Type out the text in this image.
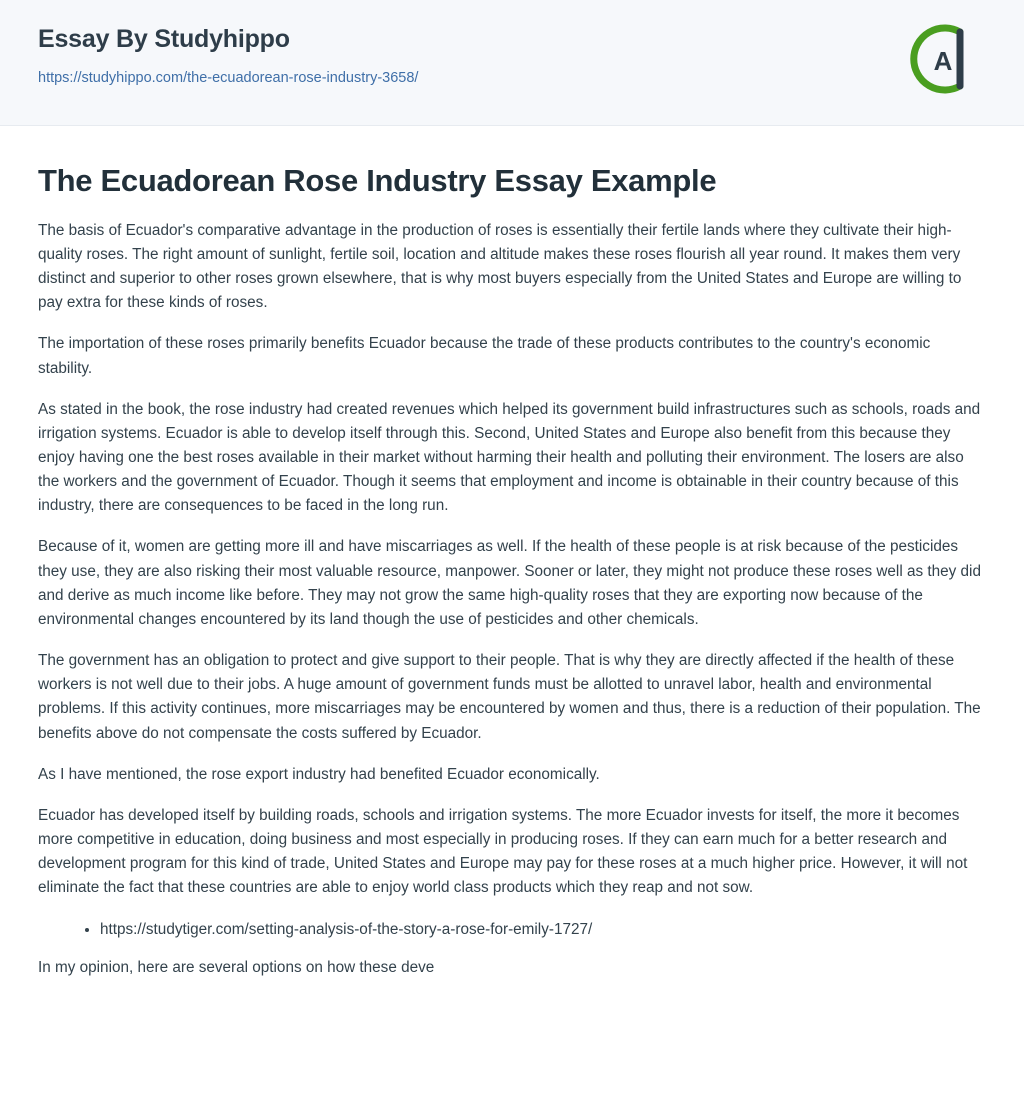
Essay By Studyhippo
https://studyhippo.com/the-ecuadorean-rose-industry-3658/
A
The Ecuadorean Rose Industry Essay Example

The basis of Ecuador's comparative advantage in the production of roses is essentially their fertile lands where they cultivate their high-quality roses. The right amount of sunlight, fertile soil, location and altitude makes these roses flourish all year round. It makes them very distinct and superior to other roses grown elsewhere, that is why most buyers especially from the United States and Europe are willing to pay extra for these kinds of roses.

The importation of these roses primarily benefits Ecuador because the trade of these products contributes to the country's economic stability.

As stated in the book, the rose industry had created revenues which helped its government build infrastructures such as schools, roads and irrigation systems. Ecuador is able to develop itself through this. Second, United States and Europe also benefit from this because they enjoy having one the best roses available in their market without harming their health and polluting their environment. The losers are also the workers and the government of Ecuador. Though it seems that employment and income is obtainable in their country because of this industry, there are consequences to be faced in the long run.

Because of it, women are getting more ill and have miscarriages as well. If the health of these people is at risk because of the pesticides they use, they are also risking their most valuable resource, manpower. Sooner or later, they might not produce these roses well as they did and derive as much income like before. They may not grow the same high-quality roses that they are exporting now because of the environmental changes encountered by its land though the use of pesticides and other chemicals.

The government has an obligation to protect and give support to their people. That is why they are directly affected if the health of these workers is not well due to their jobs. A huge amount of government funds must be allotted to unravel labor, health and environmental problems. If this activity continues, more miscarriages may be encountered by women and thus, there is a reduction of their population. The benefits above do not compensate the costs suffered by Ecuador.

As I have mentioned, the rose export industry had benefited Ecuador economically.

Ecuador has developed itself by building roads, schools and irrigation systems. The more Ecuador invests for itself, the more it becomes more competitive in education, doing business and most especially in producing roses. If they can earn much for a better research and development program for this kind of trade, United States and Europe may pay for these roses at a much higher price. However, it will not eliminate the fact that these countries are able to enjoy world class products which they reap and not sow.

• https://studytiger.com/setting-analysis-of-the-story-a-rose-for-emily-1727/

In my opinion, here are several options on how these deve
